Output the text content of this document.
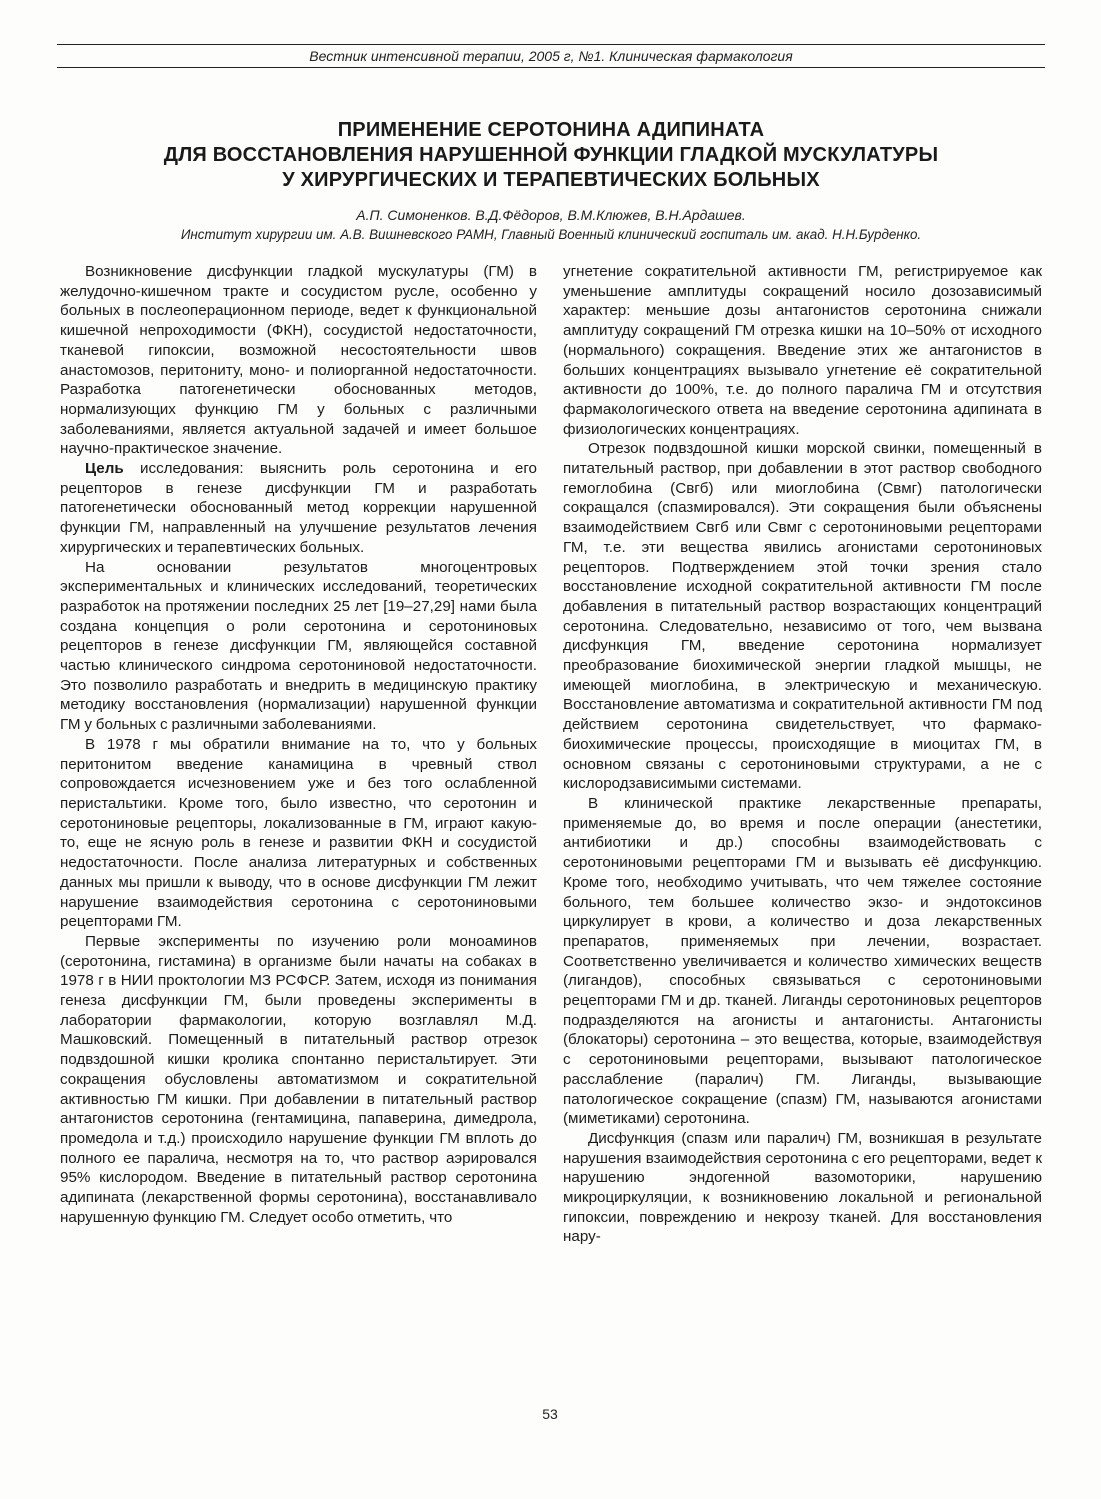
Вестник интенсивной терапии, 2005 г, №1. Клиническая фармакология
ПРИМЕНЕНИЕ СЕРОТОНИНА АДИПИНАТА
ДЛЯ ВОССТАНОВЛЕНИЯ НАРУШЕННОЙ ФУНКЦИИ ГЛАДКОЙ МУСКУЛАТУРЫ
У ХИРУРГИЧЕСКИХ И ТЕРАПЕВТИЧЕСКИХ БОЛЬНЫХ
А.П. Симоненков. В.Д.Фёдоров, В.М.Клюжев, В.Н.Ардашев.
Институт хирургии им. А.В. Вишневского РАМН, Главный Военный клинический госпиталь им. акад. Н.Н.Бурденко.

Возникновение дисфункции гладкой мускулатуры (ГМ) в желудочно-кишечном тракте и сосудистом русле, особенно у больных в послеоперационном периоде, ведет к функциональной кишечной непроходимости (ФКН), сосудистой недостаточности, тканевой гипоксии, возможной несостоятельности швов анастомозов, перитониту, моно- и полиорганной недостаточности. Разработка патогенетически обоснованных методов, нормализующих функцию ГМ у больных с различными заболеваниями, является актуальной задачей и имеет большое научно-практическое значение.

Цель исследования: выяснить роль серотонина и его рецепторов в генезе дисфункции ГМ и разработать патогенетически обоснованный метод коррекции нарушенной функции ГМ, направленный на улучшение результатов лечения хирургических и терапевтических больных.

На основании результатов многоцентровых экспериментальных и клинических исследований, теоретических разработок на протяжении последних 25 лет [19–27,29] нами была создана концепция о роли серотонина и серотониновых рецепторов в генезе дисфункции ГМ, являющейся составной частью клинического синдрома серотониновой недостаточности. Это позволило разработать и внедрить в медицинскую практику методику восстановления (нормализации) нарушенной функции ГМ у больных с различными заболеваниями.

В 1978 г мы обратили внимание на то, что у больных перитонитом введение канамицина в чревный ствол сопровождается исчезновением уже и без того ослабленной перистальтики. Кроме того, было известно, что серотонин и серотониновые рецепторы, локализованные в ГМ, играют какую-то, еще не ясную роль в генезе и развитии ФКН и сосудистой недостаточности. После анализа литературных и собственных данных мы пришли к выводу, что в основе дисфункции ГМ лежит нарушение взаимодействия серотонина с серотониновыми рецепторами ГМ.

Первые эксперименты по изучению роли моноаминов (серотонина, гистамина) в организме были начаты на собаках в 1978 г в НИИ проктологии МЗ РСФСР. Затем, исходя из понимания генеза дисфункции ГМ, были проведены эксперименты в лаборатории фармакологии, которую возглавлял М.Д. Машковский. Помещенный в питательный раствор отрезок подвздошной кишки кролика спонтанно перистальтирует. Эти сокращения обусловлены автоматизмом и сократительной активностью ГМ кишки. При добавлении в питательный раствор антагонистов серотонина (гентамицина, папаверина, димедрола, промедола и т.д.) происходило нарушение функции ГМ вплоть до полного ее паралича, несмотря на то, что раствор аэрировался 95% кислородом. Введение в питательный раствор серотонина адипината (лекарственной формы серотонина), восстанавливало нарушенную функцию ГМ. Следует особо отметить, что

угнетение сократительной активности ГМ, регистрируемое как уменьшение амплитуды сокращений носило дозозависимый характер: меньшие дозы антагонистов серотонина снижали амплитуду сокращений ГМ отрезка кишки на 10–50% от исходного (нормального) сокращения. Введение этих же антагонистов в больших концентрациях вызывало угнетение её сократительной активности до 100%, т.е. до полного паралича ГМ и отсутствия фармакологического ответа на введение серотонина адипината в физиологических концентрациях.

Отрезок подвздошной кишки морской свинки, помещенный в питательный раствор, при добавлении в этот раствор свободного гемоглобина (Свгб) или миоглобина (Свмг) патологически сокращался (спазмировался). Эти сокращения были объяснены взаимодействием Свгб или Свмг с серотониновыми рецепторами ГМ, т.е. эти вещества явились агонистами серотониновых рецепторов. Подтверждением этой точки зрения стало восстановление исходной сократительной активности ГМ после добавления в питательный раствор возрастающих концентраций серотонина. Следовательно, независимо от того, чем вызвана дисфункция ГМ, введение серотонина нормализует преобразование биохимической энергии гладкой мышцы, не имеющей миоглобина, в электрическую и механическую. Восстановление автоматизма и сократительной активности ГМ под действием серотонина свидетельствует, что фармако-биохимические процессы, происходящие в миоцитах ГМ, в основном связаны с серотониновыми структурами, а не с кислородзависимыми системами.

В клинической практике лекарственные препараты, применяемые до, во время и после операции (анестетики, антибиотики и др.) способны взаимодействовать с серотониновыми рецепторами ГМ и вызывать её дисфункцию. Кроме того, необходимо учитывать, что чем тяжелее состояние больного, тем большее количество экзо- и эндотоксинов циркулирует в крови, а количество и доза лекарственных препаратов, применяемых при лечении, возрастает. Соответственно увеличивается и количество химических веществ (лигандов), способных связываться с серотониновыми рецепторами ГМ и др. тканей. Лиганды серотониновых рецепторов подразделяются на агонисты и антагонисты. Антагонисты (блокаторы) серотонина – это вещества, которые, взаимодействуя с серотониновыми рецепторами, вызывают патологическое расслабление (паралич) ГМ. Лиганды, вызывающие патологическое сокращение (спазм) ГМ, называются агонистами (миметиками) серотонина.

Дисфункция (спазм или паралич) ГМ, возникшая в результате нарушения взаимодействия серотонина с его рецепторами, ведет к нарушению эндогенной вазомоторики, нарушению микроциркуляции, к возникновению локальной и региональной гипоксии, повреждению и некрозу тканей. Для восстановления нару-

53
